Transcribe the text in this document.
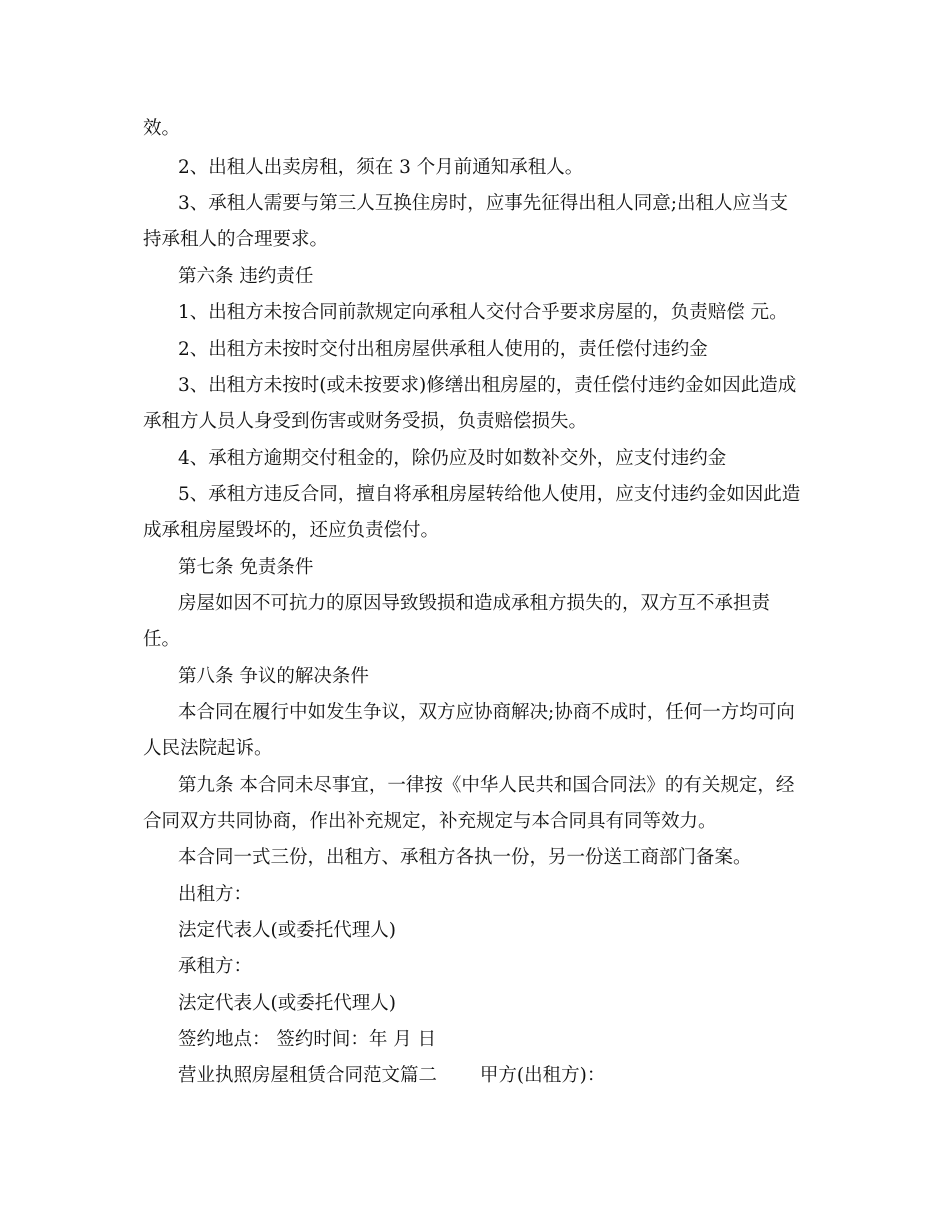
效。
2、出租人出卖房租，须在 3 个月前通知承租人。
3、承租人需要与第三人互换住房时，应事先征得出租人同意;出租人应当支
持承租人的合理要求。
第六条 违约责任
1、出租方未按合同前款规定向承租人交付合乎要求房屋的，负责赔偿 元。
2、出租方未按时交付出租房屋供承租人使用的，责任偿付违约金
3、出租方未按时(或未按要求)修缮出租房屋的，责任偿付违约金如因此造成
承租方人员人身受到伤害或财务受损，负责赔偿损失。
4、承租方逾期交付租金的，除仍应及时如数补交外，应支付违约金
5、承租方违反合同，擅自将承租房屋转给他人使用，应支付违约金如因此造
成承租房屋毁坏的，还应负责偿付。
第七条 免责条件
房屋如因不可抗力的原因导致毁损和造成承租方损失的，双方互不承担责
任。
第八条 争议的解决条件
本合同在履行中如发生争议，双方应协商解决;协商不成时，任何一方均可向
人民法院起诉。
第九条 本合同未尽事宜，一律按《中华人民共和国合同法》的有关规定，经
合同双方共同协商，作出补充规定，补充规定与本合同具有同等效力。
本合同一式三份，出租方、承租方各执一份，另一份送工商部门备案。
出租方：
法定代表人(或委托代理人)
承租方：
法定代表人(或委托代理人)
签约地点： 签约时间：年 月 日
营业执照房屋租赁合同范文篇二　　 甲方(出租方)：
